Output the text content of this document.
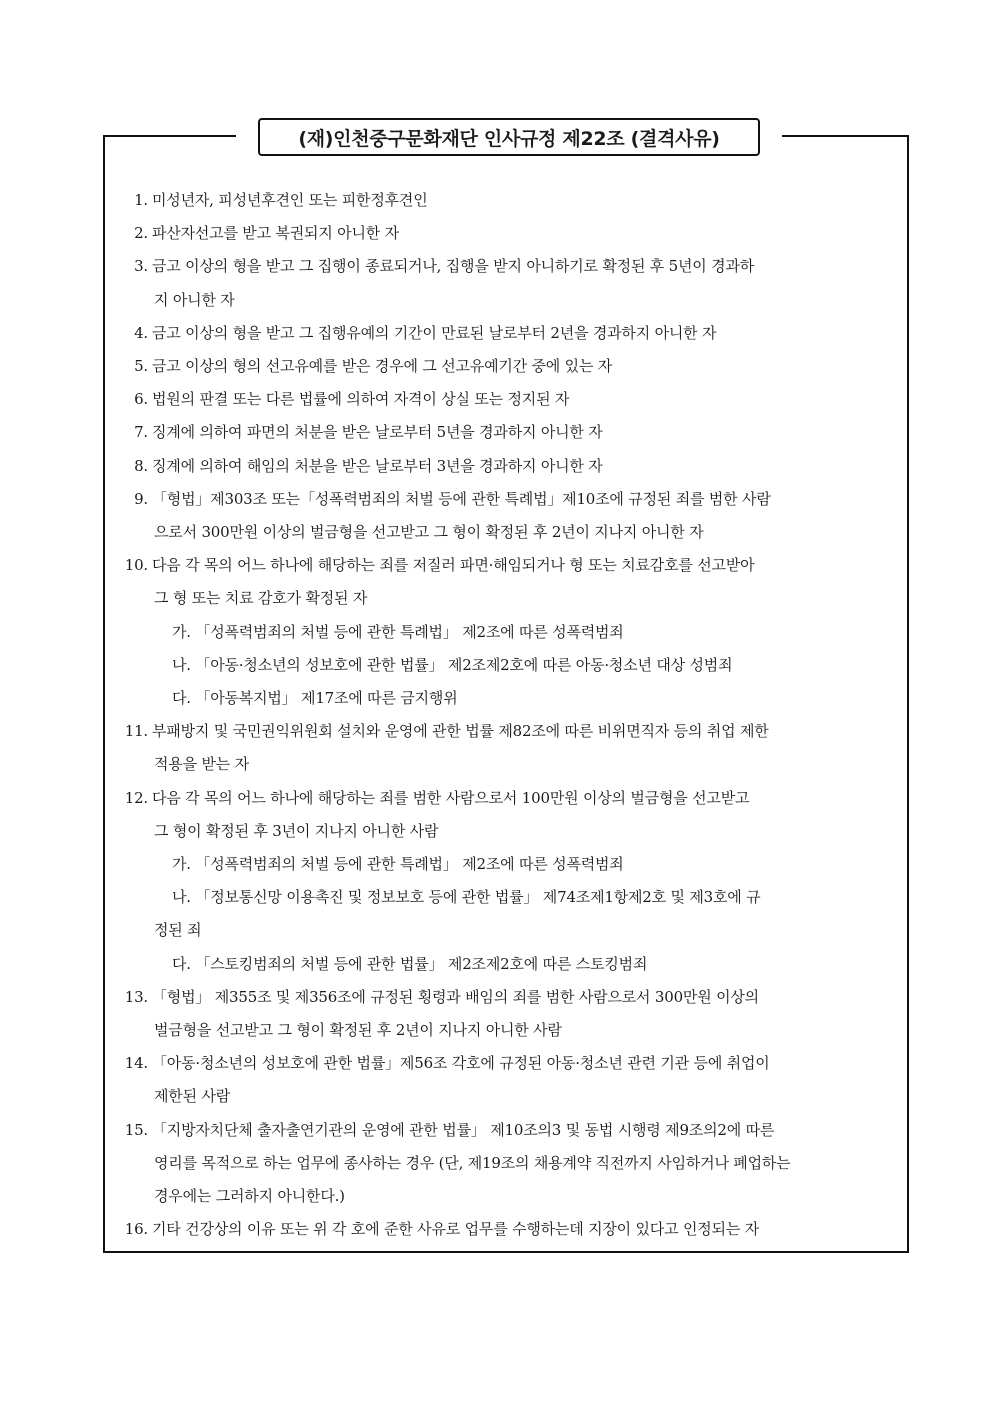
(재)인천중구문화재단 인사규정 제22조 (결격사유)
1. 미성년자, 피성년후견인 또는 피한정후견인
2. 파산자선고를 받고 복권되지 아니한 자
3. 금고 이상의 형을 받고 그 집행이 종료되거나, 집행을 받지 아니하기로 확정된 후 5년이 경과하
지 아니한 자
4. 금고 이상의 형을 받고 그 집행유예의 기간이 만료된 날로부터 2년을 경과하지 아니한 자
5. 금고 이상의 형의 선고유예를 받은 경우에 그 선고유예기간 중에 있는 자
6. 법원의 판결 또는 다른 법률에 의하여 자격이 상실 또는 정지된 자
7. 징계에 의하여 파면의 처분을 받은 날로부터 5년을 경과하지 아니한 자
8. 징계에 의하여 해임의 처분을 받은 날로부터 3년을 경과하지 아니한 자
9. 「형법」제303조 또는「성폭력범죄의 처벌 등에 관한 특례법」제10조에 규정된 죄를 범한 사람
으로서 300만원 이상의 벌금형을 선고받고 그 형이 확정된 후 2년이 지나지 아니한 자
10. 다음 각 목의 어느 하나에 해당하는 죄를 저질러 파면·해임되거나 형 또는 치료감호를 선고받아
그 형 또는 치료 감호가 확정된 자
가. 「성폭력범죄의 처벌 등에 관한 특례법」 제2조에 따른 성폭력범죄
나. 「아동·청소년의 성보호에 관한 법률」 제2조제2호에 따른 아동·청소년 대상 성범죄
다. 「아동복지법」 제17조에 따른 금지행위
11. 부패방지 및 국민권익위원회 설치와 운영에 관한 법률 제82조에 따른 비위면직자 등의 취업 제한
적용을 받는 자
12. 다음 각 목의 어느 하나에 해당하는 죄를 범한 사람으로서 100만원 이상의 벌금형을 선고받고
그 형이 확정된 후 3년이 지나지 아니한 사람
가. 「성폭력범죄의 처벌 등에 관한 특례법」 제2조에 따른 성폭력범죄
나. 「정보통신망 이용촉진 및 정보보호 등에 관한 법률」 제74조제1항제2호 및 제3호에 규
정된 죄
다. 「스토킹범죄의 처벌 등에 관한 법률」 제2조제2호에 따른 스토킹범죄
13. 「형법」 제355조 및 제356조에 규정된 횡령과 배임의 죄를 범한 사람으로서 300만원 이상의
벌금형을 선고받고 그 형이 확정된 후 2년이 지나지 아니한 사람
14. 「아동·청소년의 성보호에 관한 법률」제56조 각호에 규정된 아동·청소년 관련 기관 등에 취업이
제한된 사람
15. 「지방자치단체 출자출연기관의 운영에 관한 법률」 제10조의3 및 동법 시행령 제9조의2에 따른
영리를 목적으로 하는 업무에 종사하는 경우 (단, 제19조의 채용계약 직전까지 사임하거나 폐업하는
경우에는 그러하지 아니한다.)
16. 기타 건강상의 이유 또는 위 각 호에 준한 사유로 업무를 수행하는데 지장이 있다고 인정되는 자
